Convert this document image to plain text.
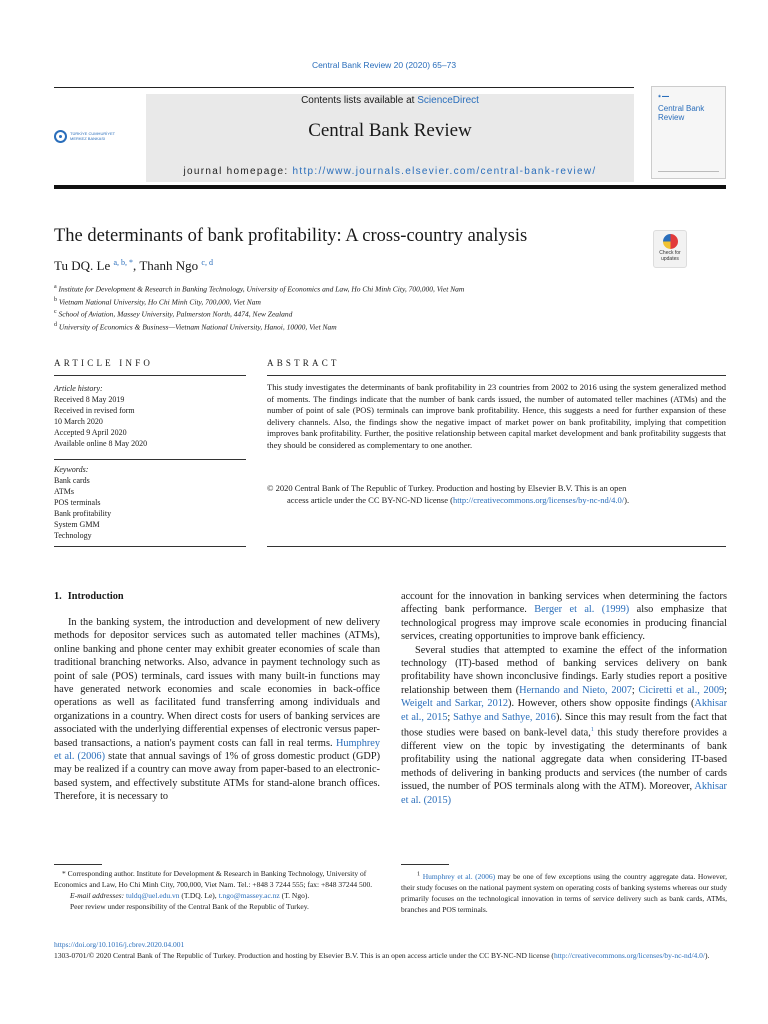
Central Bank Review 20 (2020) 65–73
TÜRKİYE CUMHURİYET
MERKEZ BANKASI
Contents lists available at ScienceDirect
Central Bank Review
journal homepage: http://www.journals.elsevier.com/central-bank-review/
◉ ▬▬
Central Bank
Review
The determinants of bank profitability: A cross-country analysis
Tu DQ. Le $^{a, b, *}$, Thanh Ngo $^{c, d}$
Check for
updates
$^a$ Institute for Development & Research in Banking Technology, University of Economics and Law, Ho Chi Minh City, 700,000, Viet Nam
$^b$ Vietnam National University, Ho Chi Minh City, 700,000, Viet Nam
$^c$ School of Aviation, Massey University, Palmerston North, 4474, New Zealand
$^d$ University of Economics & Business—Vietnam National University, Hanoi, 10000, Viet Nam
ARTICLE INFO	ABSTRACT
Article history:
Received 8 May 2019
Received in revised form
10 March 2020
Accepted 9 April 2020
Available online 8 May 2020
Keywords:
Bank cards
ATMs
POS terminals
Bank profitability
System GMM
Technology
This study investigates the determinants of bank profitability in 23 countries from 2002 to 2016 using the system generalized method of moments. The findings indicate that the number of bank cards issued, the number of automated teller machines (ATMs) and the number of point of sale (POS) terminals can improve bank profitability. Hence, this suggests a need for further expansion of these delivery channels. Also, the findings show the negative impact of market power on bank profitability, implying that competition improves bank profitability. Further, the positive relationship between capital market development and bank profitability suggests that they should be considered as complementary to one another.
© 2020 Central Bank of The Republic of Turkey. Production and hosting by Elsevier B.V. This is an open
access article under the CC BY-NC-ND license (http://creativecommons.org/licenses/by-nc-nd/4.0/).
1. Introduction

In the banking system, the introduction and development of new delivery methods for depositor services such as automated teller machines (ATMs), online banking and phone center may exhibit greater economies of scale than traditional branching networks. Also, advance in payment technology such as point of sale (POS) terminals, card issues with many built-in functions may have generated network economies and scale economies in back-office operations as well as facilitated fund transferring among individuals and organizations in a country. When direct costs for users of banking services are associated with the underlying differential expenses of electronic versus paper-based transactions, a nation's payment costs can fall in real terms. Humphrey et al. (2006) state that annual savings of 1% of gross domestic product (GDP) may be realized if a country can move away from paper-based to an electronic-based system, and effectively substitute ATMs for stand-alone branch offices. Therefore, it is necessary to

* Corresponding author. Institute for Development & Research in Banking Technology, University of Economics and Law, Ho Chi Minh City, 700,000, Viet Nam. Tel.: +848 3 7244 555; fax: +848 37244 500.
E-mail addresses: tuldq@uel.edu.vn (T.DQ. Le), t.ngo@massey.ac.nz (T. Ngo).
Peer review under responsibility of the Central Bank of the Republic of Turkey.
$^1$ Humphrey et al. (2006) may be one of few exceptions using the country aggregate data. However, their study focuses on the national payment system on operating costs of banking systems whereas our study primarily focuses on the technological innovation in terms of service delivery such as bank cards, ATMs, branches and POS terminals.
https://doi.org/10.1016/j.cbrev.2020.04.001
1303-0701/© 2020 Central Bank of The Republic of Turkey. Production and hosting by Elsevier B.V. This is an open access article under the CC BY-NC-ND license (http://creativecommons.org/licenses/by-nc-nd/4.0/).

account for the innovation in banking services when determining the factors affecting bank performance. Berger et al. (1999) also emphasize that technological progress may improve scale economies in producing financial services, creating opportunities to improve bank efficiency.

Several studies that attempted to examine the effect of the information technology (IT)-based method of banking services delivery on bank profitability have shown inconclusive findings. Early studies report a positive relationship between them (Hernando and Nieto, 2007; Ciciretti et al., 2009; Weigelt and Sarkar, 2012). However, others show opposite findings (Akhisar et al., 2015; Sathye and Sathye, 2016). Since this may result from the fact that those studies were based on bank-level data,$^1$ this study therefore provides a different view on the topic by investigating the determinants of bank profitability using the national aggregate data when considering IT-based methods of delivering in banking products and services (the number of cards issued, the number of POS terminals along with the ATM). Moreover, Akhisar et al. (2015)
